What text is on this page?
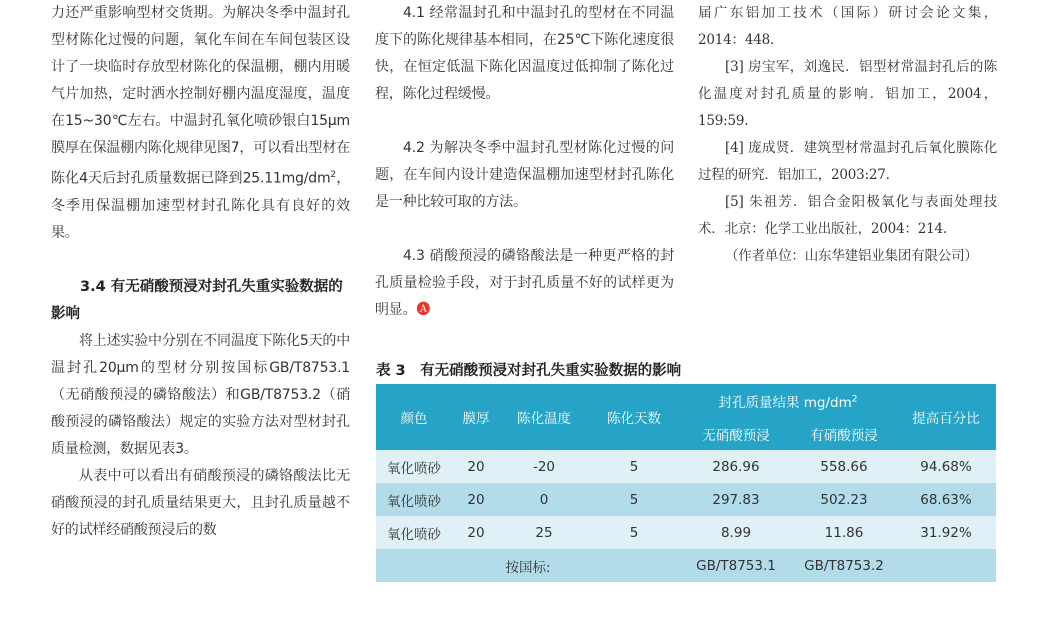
力还严重影响型材交货期。为解决冬季中温封孔型材陈化过慢的问题，氧化车间在车间包装区设计了一块临时存放型材陈化的保温棚，棚内用暖气片加热，定时洒水控制好棚内温度湿度，温度在15~30℃左右。中温封孔氧化喷砂银白15μm膜厚在保温棚内陈化规律见图7，可以看出型材在陈化4天后封孔质量数据已降到$25.11mg/dm^2$，冬季用保温棚加速型材封孔陈化具有良好的效果。

3.4 有无硝酸预浸对封孔失重实验数据的影响

将上述实验中分别在不同温度下陈化5天的中温封孔20μm的型材分别按国标GB/T8753.1（无硝酸预浸的磷铬酸法）和GB/T8753.2（硝酸预浸的磷铬酸法）规定的实验方法对型材封孔质量检测，数据见表3。

从表中可以看出有硝酸预浸的磷铬酸法比无硝酸预浸的封孔质量结果更大，且封孔质量越不好的试样经硝酸预浸后的数

4.1 经常温封孔和中温封孔的型材在不同温度下的陈化规律基本相同，在25℃下陈化速度很快，在恒定低温下陈化因温度过低抑制了陈化过程，陈化过程缓慢。

4.2 为解决冬季中温封孔型材陈化过慢的问题，在车间内设计建造保温棚加速型材封孔陈化是一种比较可取的方法。

4.3 硝酸预浸的磷铬酸法是一种更严格的封孔质量检验手段，对于封孔质量不好的试样更为明显。🅐

届广东铝加工技术（国际）研讨会论文集，2014：448.

[3] 房宝军，刘逸民．铝型材常温封孔后的陈化温度对封孔质量的影响．铝加工，2004，159:59.

[4] 庞成贤．建筑型材常温封孔后氧化膜陈化过程的研究．铝加工，2003:27.

[5] 朱祖芳．铝合金阳极氧化与表面处理技术．北京：化学工业出版社，2004：214.

（作者单位：山东华建铝业集团有限公司）

表 3　有无硝酸预浸对封孔失重实验数据的影响
颜色	膜厚	陈化温度	陈化天数	封孔质量结果 $mg/dm^2$		提高百分比
				无硝酸预浸	有硝酸预浸	
氧化喷砂	20	-20	5	286.96	558.66	94.68%
氧化喷砂	20	0	5	297.83	502.23	68.63%
氧化喷砂	20	25	5	8.99	11.86	31.92%
按国标:				GB/T8753.1	GB/T8753.2	
